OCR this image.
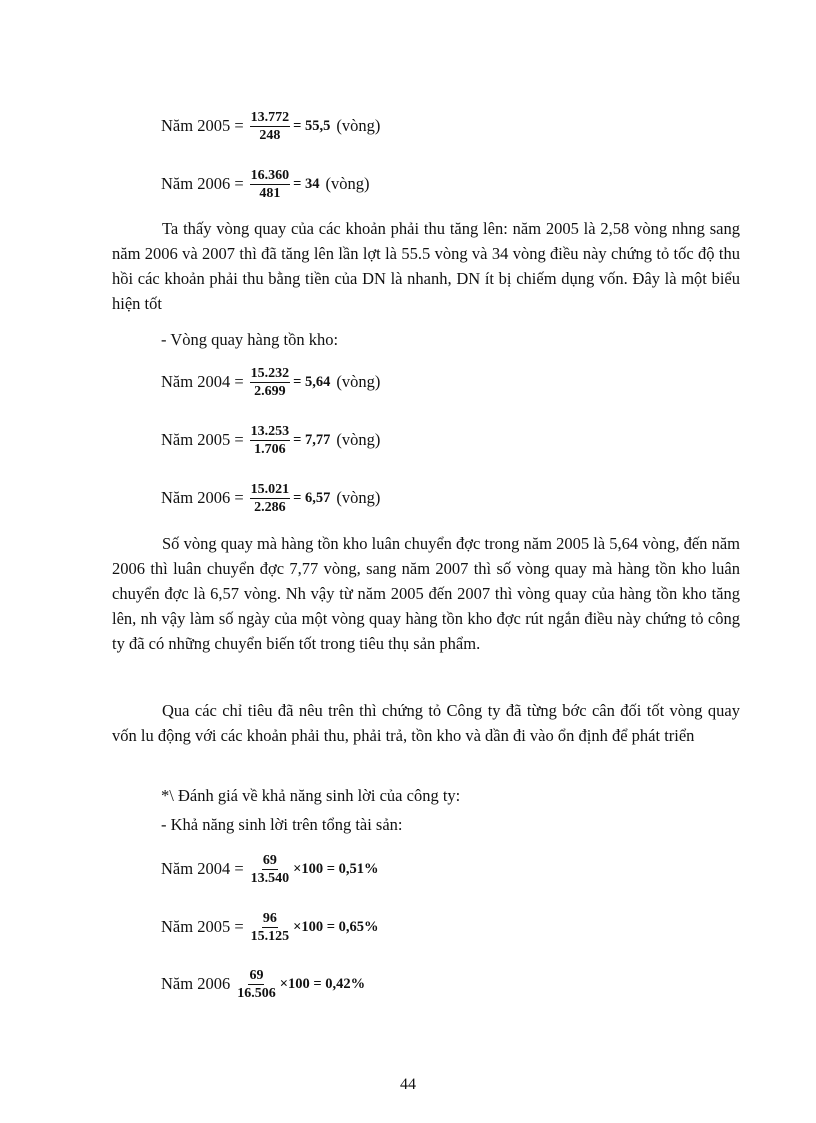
Năm $2005 = \frac{13.772}{248} = 55,5$ (vòng)
Năm $2006 = \frac{16.360}{481} = 34$ (vòng)

Ta thấy vòng quay của các khoản phải thu tăng lên: năm 2005 là 2,58 vòng nhng sang năm 2006 và 2007 thì đã tăng lên lần lợt là 55.5 vòng và 34 vòng điều này chứng tỏ tốc độ thu hồi các khoản phải thu bằng tiền của DN là nhanh, DN ít bị chiếm dụng vốn. Đây là một biểu hiện tốt

- Vòng quay hàng tồn kho:
Năm $2004 = \frac{15.232}{2.699} = 5,64$ (vòng)
Năm $2005 = \frac{13.253}{1.706} = 7,77$ (vòng)
Năm $2006 = \frac{15.021}{2.286} = 6,57$ (vòng)

Số vòng quay mà hàng tồn kho luân chuyển đợc trong năm 2005 là 5,64 vòng, đến năm 2006 thì luân chuyển đợc 7,77 vòng, sang năm 2007 thì số vòng quay mà hàng tồn kho luân chuyển đợc là 6,57 vòng. Nh vậy từ năm 2005 đến 2007 thì vòng quay của hàng tồn kho tăng lên, nh vậy làm số ngày của một vòng quay hàng tồn kho đợc rút ngắn điều này chứng tỏ công ty đã có những chuyển biến tốt trong tiêu thụ sản phẩm.

Qua các chỉ tiêu đã nêu trên thì chứng tỏ Công ty đã từng bớc cân đối tốt vòng quay vốn lu động với các khoản phải thu, phải trả, tồn kho và dần đi vào ổn định để phát triển

*\ Đánh giá về khả năng sinh lời của công ty:
- Khả năng sinh lời trên tổng tài sản:
Năm $2004 = \frac{69}{13.540} \times 100 = 0,51\%$
Năm $2005 = \frac{96}{15.125} \times 100 = 0,65\%$
Năm $2006 \frac{69}{16.506} \times 100 = 0,42\%$
44
